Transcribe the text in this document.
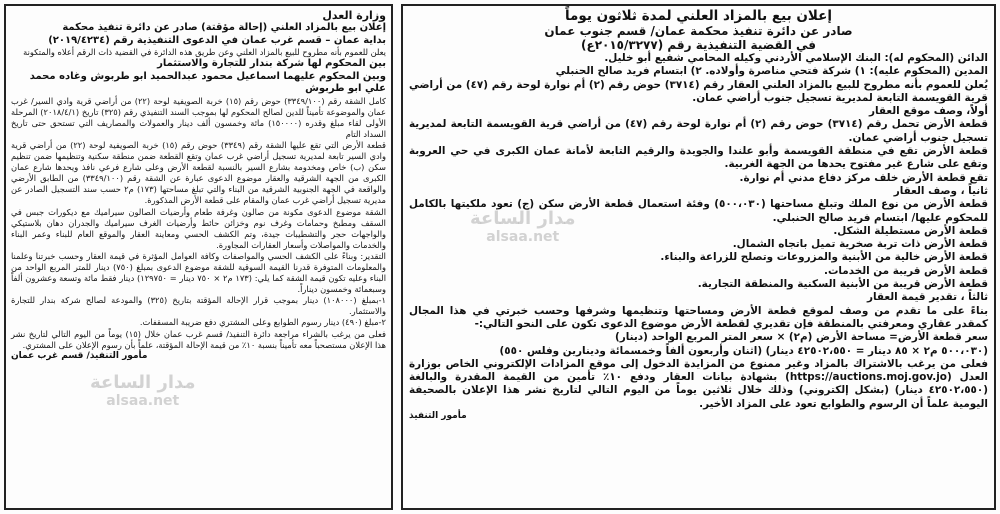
وزارة العدل
إعلان بيع بالمزاد العلني (إحالة مؤقتة) صادر عن دائرة تنفيذ محكمة
بداية عمان – قسم غرب عمان في الدعوى التنفيذية رقم (٢٠١٩/٤٢٣٤)

يعلن للعموم بأنه مطروح للبيع بالمزاد العلني وعن طريق هذه الدائرة في القضية ذات الرقم أعلاه والمتكونة

بين المحكوم لها شركة بندار للتجارة والاستثمار
وبين المحكوم عليهما اسماعيل محمود عبدالحميد ابو طربوش وغاده محمد علي ابو طربوش

كامل الشقة رقم (٣٣٤٩/١٠٠) حوض رقم (١٥) خربة الصويفية لوحة (٢٢) من أراضي قرية وادي السير/ غرب عمان والموضوعة تأميناً للدين لصالح المحكوم لها بموجب السند التنفيذي رقم (٣٢٥) تاريخ (٢٠١٨/٤/١) المرحلة الأولى لقاء مبلغ وقدره (١٥٠٠٠٠) مائة وخمسون ألف دينار والعمولات والمصاريف التي تستحق حتى تاريخ السداد التام

قطعة الأرض التي تقع عليها الشقة رقم (٣٣٤٩) حوض رقم (١٥) خربة الصويفية لوحة (٢٢) من أراضي قرية وادي السير تابعة لمديرية تسجيل أراضي غرب عمان وتقع القطعة ضمن منطقة سكنية وتنظيمها ضمن تنظيم سكن (ب) خاص ومخدومة بشارع السير بالنسبة لقطعة الأرض وعلى شارع فرعي نافذ ويحدها شارع عمان الكبرى من الجهة الشرقية والعقار موضوع الدعوى عبارة عن الشقة رقم (٣٣٤٩/١٠٠) من الطابق الأرضي والواقعة في الجهة الجنوبية الشرقية من البناء والتي تبلغ مساحتها (١٧٣) م٢ حسب سند التسجيل الصادر عن مديرية تسجيل أراضي غرب عمان والمقام على قطعة الأرض المذكورة.

الشقة موضوع الدعوى مكونة من صالون وغرفة طعام وأرضيات الصالون سيراميك مع ديكورات جبس في السقف ومطبخ وحمامات وغرف نوم وخزائن حائط وأرضيات الغرف سيراميك والجدران دهان بلاستيكي والواجهات حجر والتشطيبات جيدة، وتم الكشف الحسي ومعاينة العقار والموقع العام للبناء وعمر البناء والخدمات والمواصلات وأسعار العقارات المجاورة.

التقدير: وبناءً على الكشف الحسي والمواصفات وكافة العوامل المؤثرة في قيمة العقار وحسب خبرتنا وعلمنا والمعلومات المتوفرة قدرنا القيمة السوقية للشقة موضوع الدعوى بمبلغ (٧٥٠) دينار للمتر المربع الواحد من البناء وعليه تكون قيمة الشقة كما يلي: (١٧٣ م٢ × ٧٥٠ دينار = ١٢٩٧٥٠) دينار فقط مائة وتسعة وعشرون ألفاً وسبعمائة وخمسون ديناراً.

١-بمبلغ (١٠٨٠٠٠) دينار بموجب قرار الإحالة المؤقتة بتاريخ (٣٢٥) والمودعة لصالح شركة بندار للتجارة والاستثمار.

٢-مبلغ (٤٩٠) دينار رسوم الطوابع وعلى المشتري دفع ضريبة المسقفات.

فعلى من يرغب بالشراء مراجعة دائرة التنفيذ/ قسم غرب عمان خلال (١٥) يوماً من اليوم التالي لتاريخ نشر هذا الإعلان مستصحباً معه تأميناً بنسبة ١٠٪ من قيمة الإحالة المؤقتة، علماً بأن رسوم الإعلان على المشتري.

مأمور التنفيذ/ قسم غرب عمان
إعلان بيع بالمزاد العلني لمدة ثلاثون يوماً
صادر عن دائرة تنفيذ محكمة عمان/ قسم جنوب عمان
في القضية التنفيذية رقم (٢٠١٥/٣٢٧٧ع)

الدائن (المحكوم له): البنك الإسلامي الأردني وكيله المحامي شفيع أبو خليل.

المدين (المحكوم عليه): ١) شركة فتحي مناصرة وأولاده. ٢) ابتسام فريد صالح الحنبلي

يُعلن للعموم بأنه مطروح للبيع بالمزاد العلني العقار رقم (٣٧١٤) حوض رقم (٢) أم نوارة لوحة رقم (٤٧) من أراضي قرية القويسمة التابعة لمديرية تسجيل جنوب أراضي عمان.

أولاً، وصف موقع العقار

قطعة الأرض تحمل رقم (٣٧١٤) حوض رقم (٢) أم نوارة لوحة رقم (٤٧) من أراضي قرية القويسمة التابعة لمديرية تسجيل جنوب أراضي عمان.

قطعة الأرض تقع في منطقة القويسمة وأبو علندا والجويدة والرقيم التابعة لأمانة عمان الكبرى في حي العروبة وتقع على شارع غير مفتوح يحدها من الجهة الغربية.

تقع قطعة الأرض خلف مركز دفاع مدني أم نوارة.

ثانياً ، وصف العقار

قطعة الأرض من نوع الملك وتبلغ مساحتها (٥٠٠،٠٣٠) وفئة استعمال قطعة الأرض سكن (ج) تعود ملكيتها بالكامل للمحكوم عليها/ ابتسام فريد صالح الحنبلي.

قطعة الأرض مستطيلة الشكل.

قطعة الأرض ذات تربة صخرية تميل باتجاه الشمال.

قطعة الأرض خالية من الأبنية والمزروعات وتصلح للزراعة والبناء.

قطعة الأرض قريبة من الخدمات.

قطعة الأرض قريبة من الأبنية السكنية والمنطقة التجارية.

ثالثاً ، تقدير قيمة العقار

بناءً على ما تقدم من وصف لموقع قطعة الأرض ومساحتها وتنظيمها وشرفها وحسب خبرتي في هذا المجال كمقدر عقاري ومعرفتي بالمنطقة فإن تقديري لقطعة الأرض موضوع الدعوى تكون على النحو التالي:-

سعر قطعة الأرض= مساحة الأرض (م٢) × سعر المتر المربع الواحد (دينار)

(٥٠٠،٠٣٠ م٢ × ٨٥ دينار = ٤٢٥٠٢،٥٥٠ دينار) (اثنان وأربعون ألفاً وخمسمائة ودينارين وفلس ٥٥٠)

فعلى من يرغب بالاشتراك بالمزاد وغير ممنوع من المزايدة الدخول إلى موقع المزادات الإلكتروني الخاص بوزارة العدل (https://auctions.moj.gov.jo) بشهادة بيانات العقار ودفع ١٠٪ تأمين من القيمة المقدرة والبالغة (٤٢٥٠٢،٥٥٠ دينار) (بشكل إلكتروني) وذلك خلال ثلاثين يوماً من اليوم التالي لتاريخ نشر هذا الإعلان بالصحيفة اليومية علماً أن الرسوم والطوابع تعود على المزاد الأخير.

مأمور التنفيذ
مدار الساعة
alsaa.net
مدار الساعة
alsaa.net
